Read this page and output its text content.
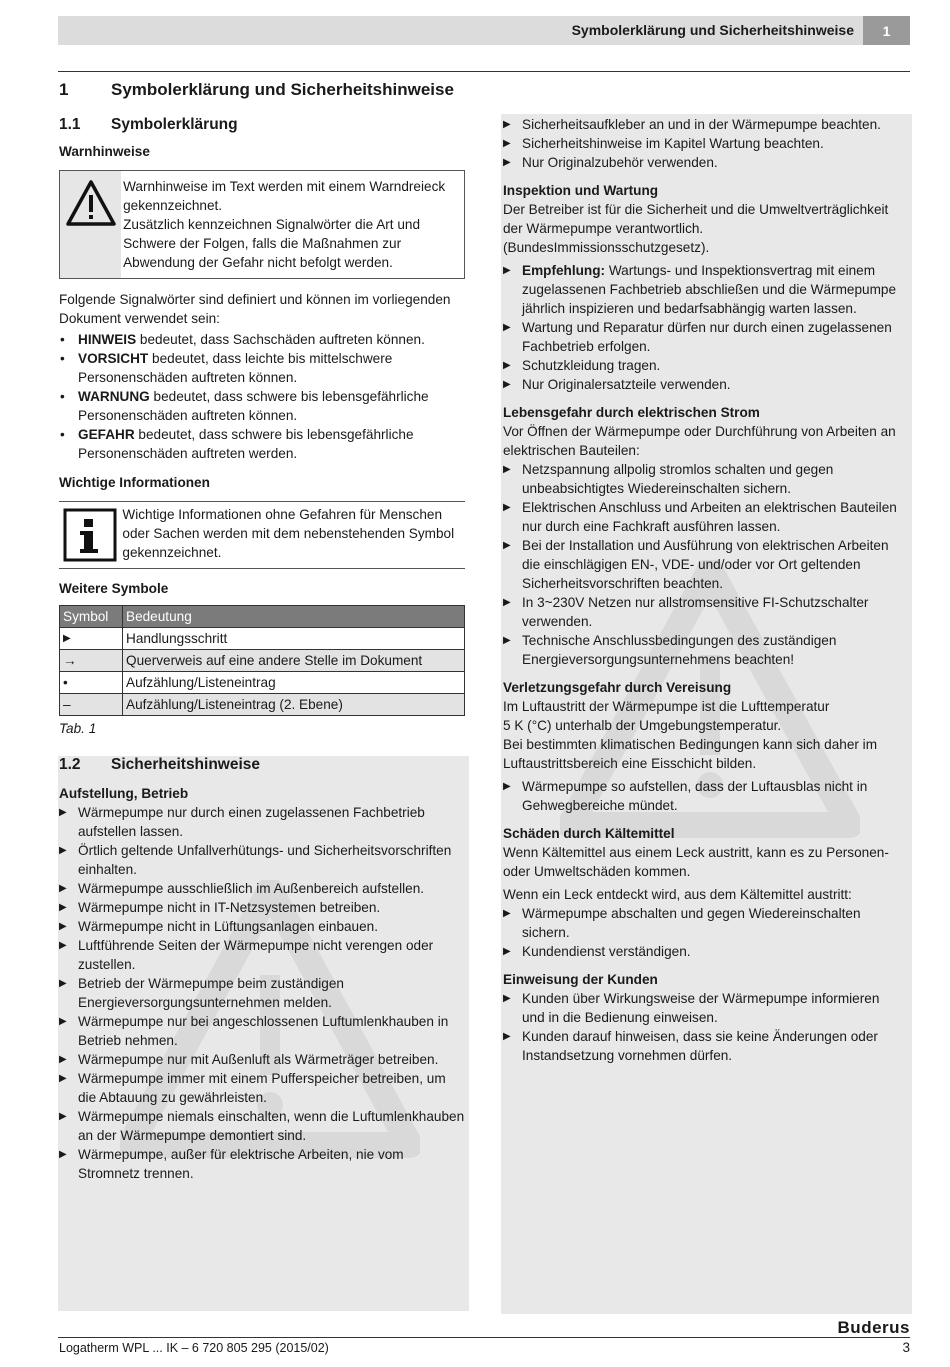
Symbolerklärung und Sicherheitshinweise	1
1	Symbolerklärung und Sicherheitshinweise
1.1 Symbolerklärung
Warnhinweise

Warnhinweise im Text werden mit einem Warndreieck gekennzeichnet.

Zusätzlich kennzeichnen Signalwörter die Art und Schwere der Folgen, falls die Maßnahmen zur Abwendung der Gefahr nicht befolgt werden.

Folgende Signalwörter sind definiert und können im vorliegenden Dokument verwendet sein:

• HINWEIS bedeutet, dass Sachschäden auftreten können.
• VORSICHT bedeutet, dass leichte bis mittelschwere Personenschäden auftreten können.
• WARNUNG bedeutet, dass schwere bis lebensgefährliche Personenschäden auftreten können.
• GEFAHR bedeutet, dass schwere bis lebensgefährliche Personenschäden auftreten werden.
Wichtige Informationen
Wichtige Informationen ohne Gefahren für Menschen oder Sachen werden mit dem nebenstehenden Symbol gekennzeichnet.
Weitere Symbole
Symbol	Bedeutung
▶	Handlungsschritt
→	Querverweis auf eine andere Stelle im Dokument
•	Aufzählung/Listeneintrag
–	Aufzählung/Listeneintrag (2. Ebene)
Tab. 1
1.2 Sicherheitshinweise
Aufstellung, Betrieb
▶ Wärmepumpe nur durch einen zugelassenen Fachbetrieb aufstellen lassen.
▶ Örtlich geltende Unfallverhütungs- und Sicherheitsvorschriften einhalten.
▶ Wärmepumpe ausschließlich im Außenbereich aufstellen.
▶ Wärmepumpe nicht in IT-Netzsystemen betreiben.
▶ Wärmepumpe nicht in Lüftungsanlagen einbauen.
▶ Luftführende Seiten der Wärmepumpe nicht verengen oder zustellen.
▶ Betrieb der Wärmepumpe beim zuständigen Energieversorgungsunternehmen melden.
▶ Wärmepumpe nur bei angeschlossenen Luftumlenkhauben in Betrieb nehmen.
▶ Wärmepumpe nur mit Außenluft als Wärmeträger betreiben.
▶ Wärmepumpe immer mit einem Pufferspeicher betreiben, um die Abtauung zu gewährleisten.
▶ Wärmepumpe niemals einschalten, wenn die Luftumlenkhauben an der Wärmepumpe demontiert sind.
▶ Wärmepumpe, außer für elektrische Arbeiten, nie vom Stromnetz trennen.
▶ Sicherheitsaufkleber an und in der Wärmepumpe beachten.
▶ Sicherheitshinweise im Kapitel Wartung beachten.
▶ Nur Originalzubehör verwenden.
Inspektion und Wartung

Der Betreiber ist für die Sicherheit und die Umweltverträglichkeit der Wärmepumpe verantwortlich. (BundesImmissionsschutzgesetz).

▶ Empfehlung: Wartungs- und Inspektionsvertrag mit einem zugelassenen Fachbetrieb abschließen und die Wärmepumpe jährlich inspizieren und bedarfsabhängig warten lassen.
▶ Wartung und Reparatur dürfen nur durch einen zugelassenen Fachbetrieb erfolgen.
▶ Schutzkleidung tragen.
▶ Nur Originalersatzteile verwenden.
Lebensgefahr durch elektrischen Strom

Vor Öffnen der Wärmepumpe oder Durchführung von Arbeiten an elektrischen Bauteilen:

▶ Netzspannung allpolig stromlos schalten und gegen unbeabsichtigtes Wiedereinschalten sichern.
▶ Elektrischen Anschluss und Arbeiten an elektrischen Bauteilen nur durch eine Fachkraft ausführen lassen.
▶ Bei der Installation und Ausführung von elektrischen Arbeiten die einschlägigen EN-, VDE- und/oder vor Ort geltenden Sicherheitsvorschriften beachten.
▶ In 3~230V Netzen nur allstromsensitive FI-Schutzschalter verwenden.
▶ Technische Anschlussbedingungen des zuständigen Energieversorgungsunternehmens beachten!
Verletzungsgefahr durch Vereisung

Im Luftaustritt der Wärmepumpe ist die Lufttemperatur

5 K (°C) unterhalb der Umgebungstemperatur.

Bei bestimmten klimatischen Bedingungen kann sich daher im Luftaustrittsbereich eine Eisschicht bilden.

▶ Wärmepumpe so aufstellen, dass der Luftausblas nicht in Gehwegbereiche mündet.
Schäden durch Kältemittel

Wenn Kältemittel aus einem Leck austritt, kann es zu Personen- oder Umweltschäden kommen.

Wenn ein Leck entdeckt wird, aus dem Kältemittel austritt:

▶ Wärmepumpe abschalten und gegen Wiedereinschalten sichern.
▶ Kundendienst verständigen.
Einweisung der Kunden
▶ Kunden über Wirkungsweise der Wärmepumpe informieren und in die Bedienung einweisen.
▶ Kunden darauf hinweisen, dass sie keine Änderungen oder Instandsetzung vornehmen dürfen.
Buderus
Logatherm WPL ... IK – 6 720 805 295 (2015/02)	3
